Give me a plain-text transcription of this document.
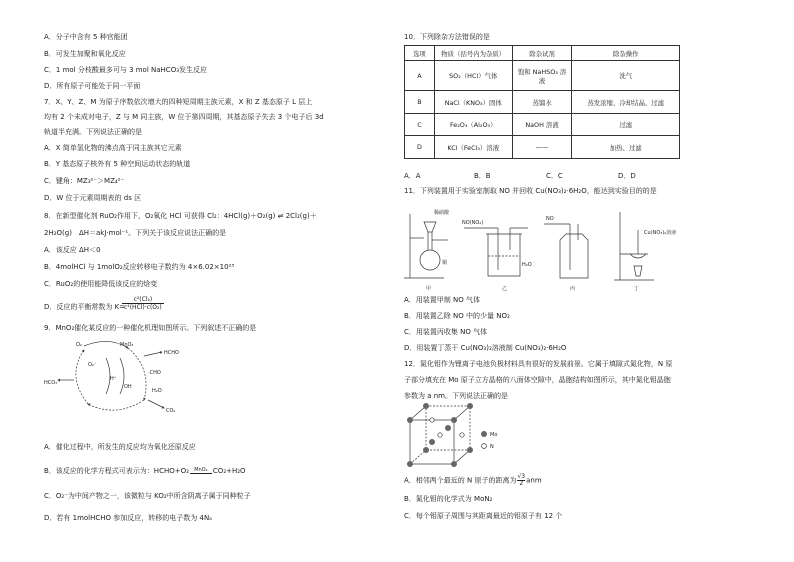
A．分子中含有 5 种官能团
B．可发生加聚和氧化反应
C．1 mol 分枝酸最多可与 3 mol NaHCO₃发生反应
D．所有原子可能处于同一平面
7．X、Y、Z、M 为原子序数依次增大的四种短周期主族元素，X 和 Z 基态原子 L 层上
均有 2 个未成对电子，Z 与 M 同主族，W 位于第四周期，其基态原子失去 3 个电子后 3d
轨道半充满。下列说法正确的是
A．X 简单氢化物的沸点高于同主族其它元素
B．Y 基态原子核外有 5 种空间运动状态的轨道
C．键角：MZ₃²⁻＞MZ₄²⁻
D．W 位于元素周期表的 ds 区
8．在新型催化剂 RuO₂作用下，O₂氧化 HCl 可获得 Cl₂：4HCl(g)＋O₂(g) ⇌ 2Cl₂(g)＋
2H₂O(g)　ΔH＝akJ·mol⁻¹。下列关于该反应说法正确的是
A．该反应 ΔH＜0
B．4molHCl 与 1molO₂反应转移电子数约为 4×6.02×10²³
C．RuO₂的使用能降低该反应的焓变
D．反应的平衡常数为 K=
c²(Cl₂)
c⁴(HCl)·c(O₂)
9．MnO₂催化某反应的一种催化机理如图所示。下列叙述不正确的是
O₂	MnO₂
HCHO
·CHO
O₂⁻
H⁺
HCO₃⁻
CO₂
H₂O
OH
A．催化过程中，所发生的反应均为氧化还原反应
B．该反应的化学方程式可表示为：HCHO+O₂	MnO₂ CO₂+H₂O
C．O₂⁻为中间产物之一，该微粒与 KO₂中所含阴离子属于同种粒子
D．若有 1molHCHO 参加反应，转移的电子数为 4Nₐ
10．下列除杂方法错误的是
选项	物质（括号内为杂质）	除杂试剂	除杂操作
A	SO₂（HCl）气体	饱和 NaHSO₃ 溶液	洗气
B	NaCl（KNO₃）固体	蒸馏水	蒸发浓缩、冷却结晶、过滤
C	Fe₂O₃（Al₂O₃）	NaOH 溶液	过滤
D	KCl（FeCl₃）溶液	——	加热、过滤
A．A	B．B	C．C	D．D
11．下列装置用于实验室制取 NO 并回收 Cu(NO₃)₂·6H₂O，能达到实验目的的是
稀硝酸
铜
NO(NO₂)
H₂O
NO
Cu(NO₃)₂溶液
甲	乙	丙	丁
A．用装置甲制 NO 气体
B．用装置乙除 NO 中的少量 NO₂
C．用装置丙收集 NO 气体
D．用装置丁蒸干 Cu(NO₃)₂溶液制 Cu(NO₃)₂·6H₂O
12．氮化钼作为锂离子电池负极材料具有很好的发展前景。它属于填隙式氮化物，N 原
子部分填充在 Mo 原子立方晶格的八面体空隙中，晶胞结构如图所示，其中氮化钼晶胞
参数为 a nm。下列说法正确的是
Mo
N
A．相邻两个最近的 N 原子的距离为 $\frac{√3}{2}$ anm
B．氮化钼的化学式为 MoN₂
C．每个钼原子周围与其距离最近的钼原子有 12 个
